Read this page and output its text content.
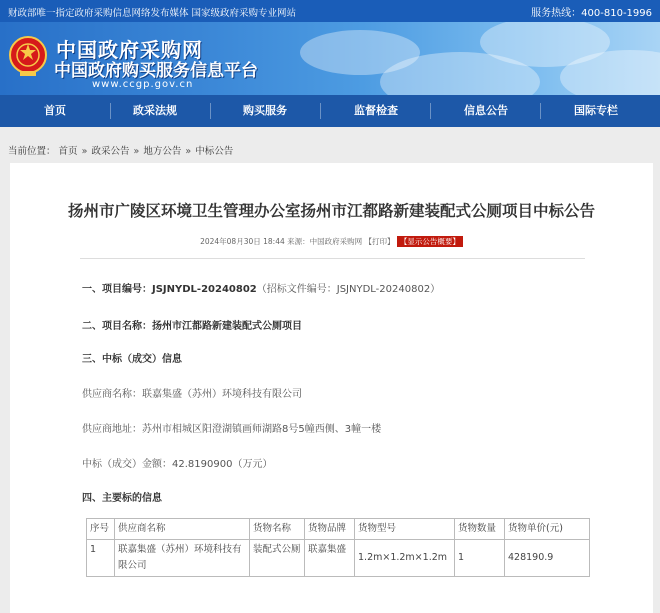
财政部唯一指定政府采购信息网络发布媒体 国家级政府采购专业网站	服务热线：400-810-1996
中国政府采购网
中国政府购买服务信息平台
www.ccgp.gov.cn
首页	政采法规	购买服务	监督检查	信息公告	国际专栏
当前位置： 首页 » 政采公告 » 地方公告 » 中标公告
扬州市广陵区环境卫生管理办公室扬州市江都路新建装配式公厕项目中标公告
2024年08月30日 18:44 来源：中国政府采购网 【打印】 【显示公告概要】
一、项目编号：JSJNYDL-20240802（招标文件编号：JSJNYDL-20240802）
二、项目名称：扬州市江都路新建装配式公厕项目
三、中标（成交）信息
供应商名称：联嘉集盛（苏州）环境科技有限公司
供应商地址：苏州市相城区阳澄湖镇画师湖路8号5幢西侧、3幢一楼
中标（成交）金额：42.8190900（万元）
四、主要标的信息
序号	供应商名称	货物名称	货物品牌	货物型号	货物数量	货物单价(元)
1	联嘉集盛（苏州）环境科技有限公司	装配式公厕	联嘉集盛	1.2m×1.2m×1.2m	1	428190.9
